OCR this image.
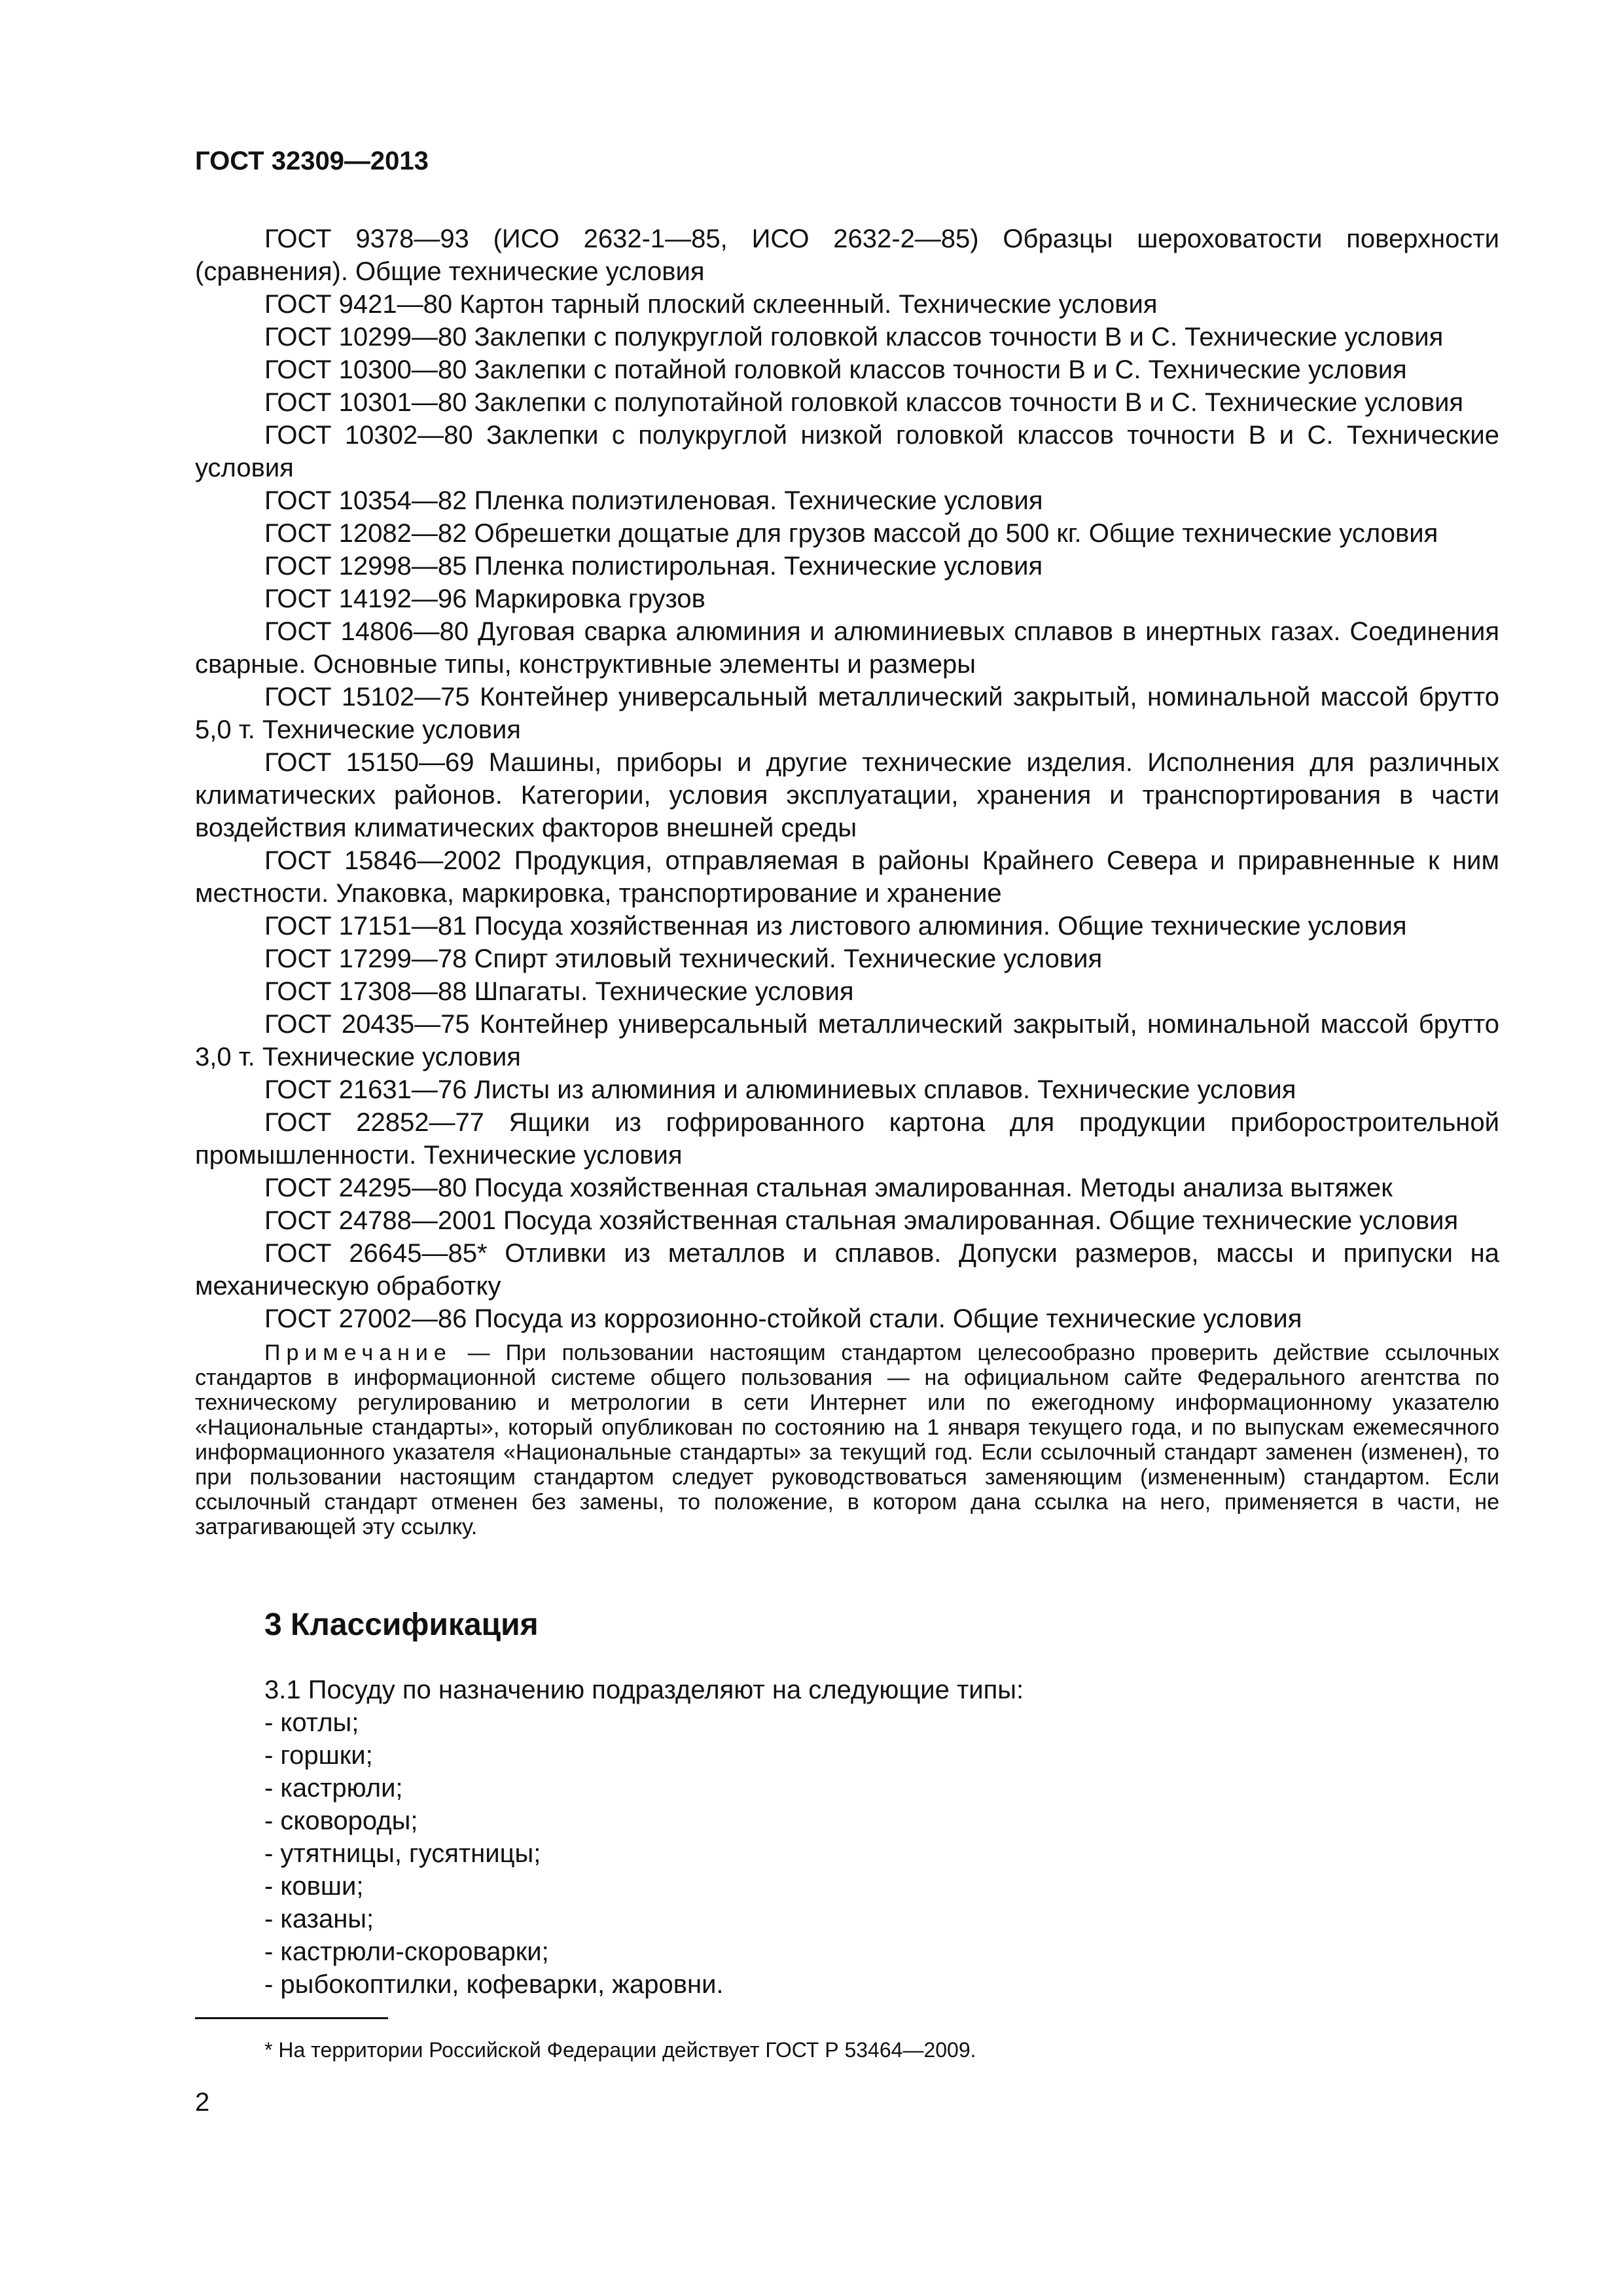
ГОСТ 32309—2013

ГОСТ 9378—93 (ИСО 2632-1—85, ИСО 2632-2—85) Образцы шероховатости поверхности (сравнения). Общие технические условия

ГОСТ 9421—80 Картон тарный плоский склеенный. Технические условия

ГОСТ 10299—80 Заклепки с полукруглой головкой классов точности В и С. Технические условия

ГОСТ 10300—80 Заклепки с потайной головкой классов точности В и С. Технические условия

ГОСТ 10301—80 Заклепки с полупотайной головкой классов точности В и С. Технические условия

ГОСТ 10302—80 Заклепки с полукруглой низкой головкой классов точности В и С. Технические условия

ГОСТ 10354—82 Пленка полиэтиленовая. Технические условия

ГОСТ 12082—82 Обрешетки дощатые для грузов массой до 500 кг. Общие технические условия

ГОСТ 12998—85 Пленка полистирольная. Технические условия

ГОСТ 14192—96 Маркировка грузов

ГОСТ 14806—80 Дуговая сварка алюминия и алюминиевых сплавов в инертных газах. Соединения сварные. Основные типы, конструктивные элементы и размеры

ГОСТ 15102—75 Контейнер универсальный металлический закрытый, номинальной массой брутто 5,0 т. Технические условия

ГОСТ 15150—69 Машины, приборы и другие технические изделия. Исполнения для различных климатических районов. Категории, условия эксплуатации, хранения и транспортирования в части воздействия климатических факторов внешней среды

ГОСТ 15846—2002 Продукция, отправляемая в районы Крайнего Севера и приравненные к ним местности. Упаковка, маркировка, транспортирование и хранение

ГОСТ 17151—81 Посуда хозяйственная из листового алюминия. Общие технические условия

ГОСТ 17299—78 Спирт этиловый технический. Технические условия

ГОСТ 17308—88 Шпагаты. Технические условия

ГОСТ 20435—75 Контейнер универсальный металлический закрытый, номинальной массой брутто 3,0 т. Технические условия

ГОСТ 21631—76 Листы из алюминия и алюминиевых сплавов. Технические условия

ГОСТ 22852—77 Ящики из гофрированного картона для продукции приборостроительной промышленности. Технические условия

ГОСТ 24295—80 Посуда хозяйственная стальная эмалированная. Методы анализа вытяжек

ГОСТ 24788—2001 Посуда хозяйственная стальная эмалированная. Общие технические условия

ГОСТ 26645—85* Отливки из металлов и сплавов. Допуски размеров, массы и припуски на механическую обработку

ГОСТ 27002—86 Посуда из коррозионно-стойкой стали. Общие технические условия

Примечание — При пользовании настоящим стандартом целесообразно проверить действие ссылочных стандартов в информационной системе общего пользования — на официальном сайте Федерального агентства по техническому регулированию и метрологии в сети Интернет или по ежегодному информационному указателю «Национальные стандарты», который опубликован по состоянию на 1 января текущего года, и по выпускам ежемесячного информационного указателя «Национальные стандарты» за текущий год. Если ссылочный стандарт заменен (изменен), то при пользовании настоящим стандартом следует руководствоваться заменяющим (измененным) стандартом. Если ссылочный стандарт отменен без замены, то положение, в котором дана ссылка на него, применяется в части, не затрагивающей эту ссылку.

3 Классификация

3.1 Посуду по назначению подразделяют на следующие типы:

- котлы;
- горшки;
- кастрюли;
- сковороды;
- утятницы, гусятницы;
- ковши;
- казаны;
- кастрюли-скороварки;
- рыбокоптилки, кофеварки, жаровни.

* На территории Российской Федерации действует ГОСТ Р 53464—2009.

2
